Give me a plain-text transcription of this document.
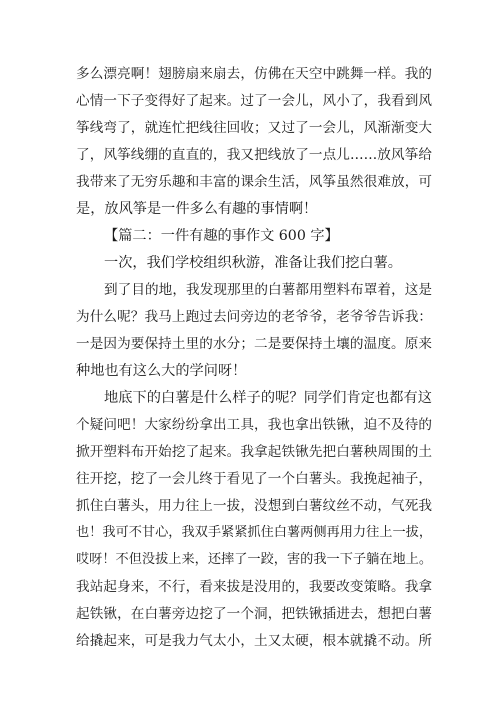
多么漂亮啊！翅膀扇来扇去，仿佛在天空中跳舞一样。我的
心情一下子变得好了起来。过了一会儿，风小了，我看到风
筝线弯了，就连忙把线往回收；又过了一会儿，风渐渐变大
了，风筝线绷的直直的，我又把线放了一点儿……放风筝给
我带来了无穷乐趣和丰富的课余生活，风筝虽然很难放，可
是，放风筝是一件多么有趣的事情啊！
【篇二：一件有趣的事作文 600 字】
一次，我们学校组织秋游，准备让我们挖白薯。
到了目的地，我发现那里的白薯都用塑料布罩着，这是
为什么呢？我马上跑过去问旁边的老爷爷，老爷爷告诉我：
一是因为要保持土里的水分；二是要保持土壤的温度。原来
种地也有这么大的学问呀！
地底下的白薯是什么样子的呢？同学们肯定也都有这
个疑问吧！大家纷纷拿出工具，我也拿出铁锹，迫不及待的
掀开塑料布开始挖了起来。我拿起铁锹先把白薯秧周围的土
往开挖，挖了一会儿终于看见了一个白薯头。我挽起袖子，
抓住白薯头，用力往上一拔，没想到白薯纹丝不动，气死我
也！我可不甘心，我双手紧紧抓住白薯两侧再用力往上一拔，
哎呀！不但没拔上来，还摔了一跤，害的我一下子躺在地上。
我站起身来，不行，看来拔是没用的，我要改变策略。我拿
起铁锹，在白薯旁边挖了一个洞，把铁锹插进去，想把白薯
给撬起来，可是我力气太小，土又太硬，根本就撬不动。所
